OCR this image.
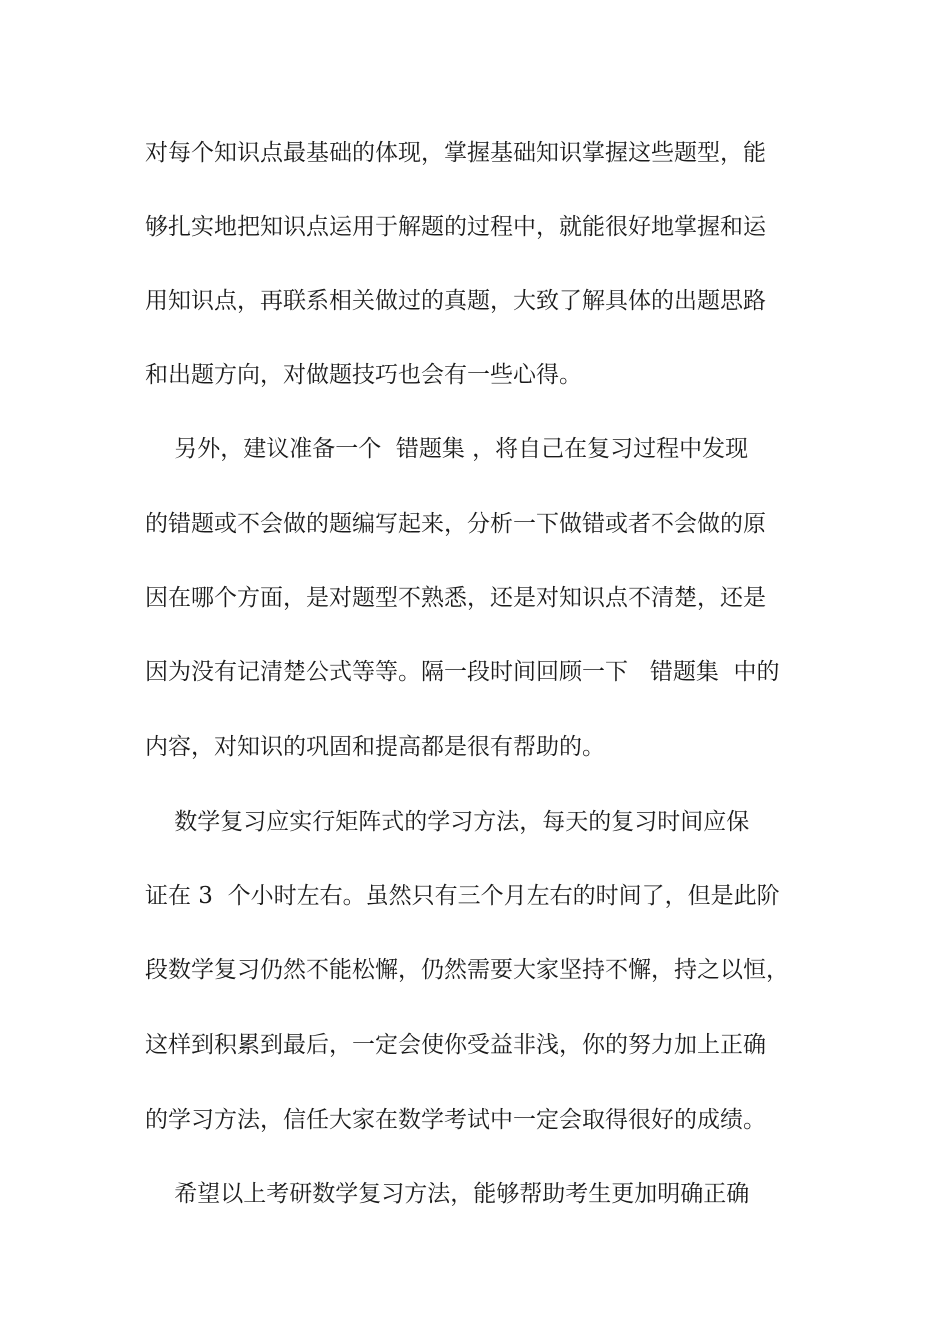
对每个知识点最基础的体现，掌握基础知识掌握这些题型，能
够扎实地把知识点运用于解题的过程中，就能很好地掌握和运
用知识点，再联系相关做过的真题，大致了解具体的出题思路
和出题方向，对做题技巧也会有一些心得。
另外，建议准备一个  错题集 ，将自己在复习过程中发现
的错题或不会做的题编写起来，分析一下做错或者不会做的原
因在哪个方面，是对题型不熟悉，还是对知识点不清楚，还是
因为没有记清楚公式等等。隔一段时间回顾一下   错题集  中的
内容，对知识的巩固和提高都是很有帮助的。
数学复习应实行矩阵式的学习方法，每天的复习时间应保
证在 3  个小时左右。虽然只有三个月左右的时间了，但是此阶
段数学复习仍然不能松懈，仍然需要大家坚持不懈，持之以恒，
这样到积累到最后，一定会使你受益非浅，你的努力加上正确
的学习方法，信任大家在数学考试中一定会取得很好的成绩。
希望以上考研数学复习方法，能够帮助考生更加明确正确
